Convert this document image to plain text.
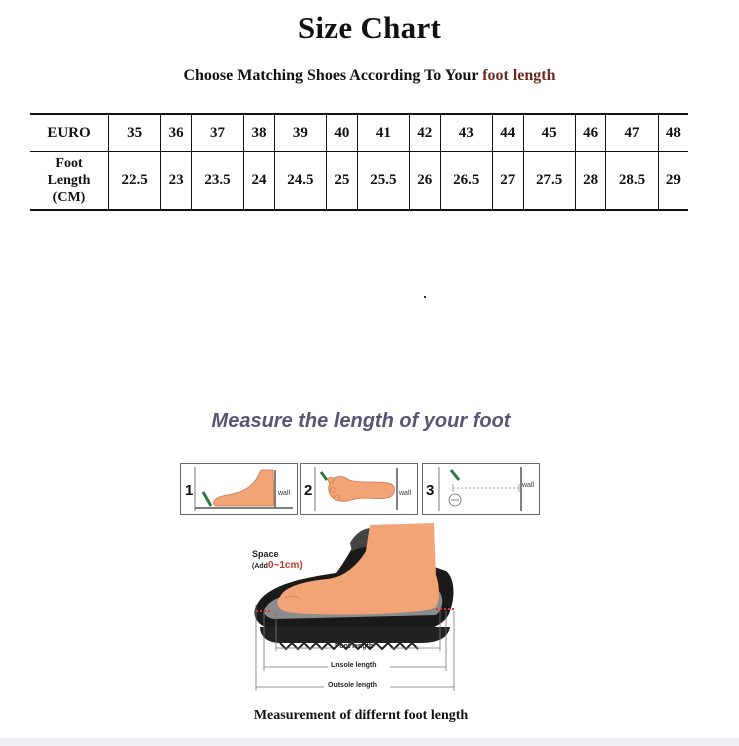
Size Chart
Choose Matching Shoes According To Your foot length
EURO	35	36	37	38	39	40	41	42	43	44	45	46	47	48

Foot
Length
(CM)	22.5	23	23.5	24	24.5	25	25.5	26	26.5	27	27.5	28	28.5	29
Measure the length of your foot
1	wall 2	wall 3	wall
Space
(Add0~1cm)
Foot length
Lnsole length
Outsole length
Measurement of differnt foot length
